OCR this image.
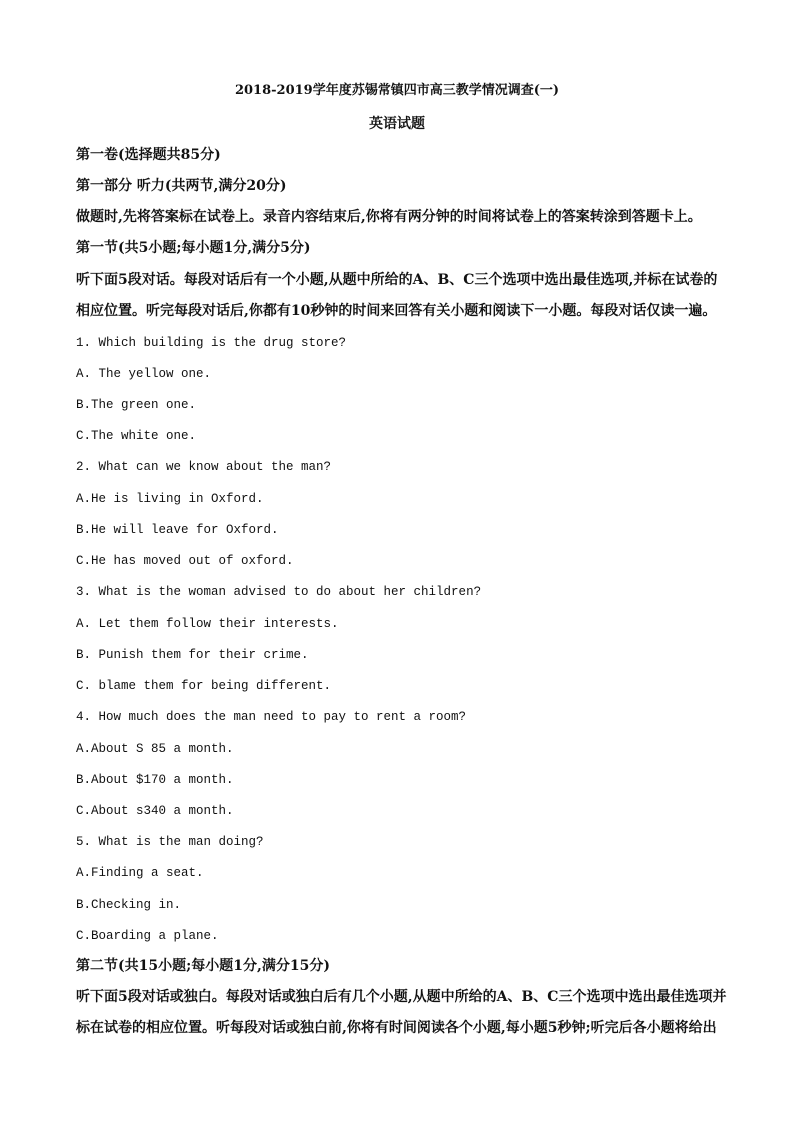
2018-2019学年度苏锡常镇四市高三教学情况调查(一)
英语试题
第一卷(选择题共85分)
第一部分 听力(共两节,满分20分)
做题时,先将答案标在试卷上。录音内容结束后,你将有两分钟的时间将试卷上的答案转涂到答题卡上。
第一节(共5小题;每小题1分,满分5分)
听下面5段对话。每段对话后有一个小题,从题中所给的A、B、C三个选项中选出最佳选项,并标在试卷的
相应位置。听完每段对话后,你都有10秒钟的时间来回答有关小题和阅读下一小题。每段对话仅读一遍。
1. Which building is the drug store?
A. The yellow one.
B.The green one.
C.The white one.
2. What can we know about the man?
A.He is living in Oxford.
B.He will leave for Oxford.
C.He has moved out of oxford.
3. What is the woman advised to do about her children?
A. Let them follow their interests.
B. Punish them for their crime.
C. blame them for being different.
4. How much does the man need to pay to rent a room?
A.About S 85 a month.
B.About $170 a month.
C.About s340 a month.
5. What is the man doing?
A.Finding a seat.
B.Checking in.
C.Boarding a plane.
第二节(共15小题;每小题1分,满分15分)
听下面5段对话或独白。每段对话或独白后有几个小题,从题中所给的A、B、C三个选项中选出最佳选项并
标在试卷的相应位置。听每段对话或独白前,你将有时间阅读各个小题,每小题5秒钟;听完后各小题将给出
